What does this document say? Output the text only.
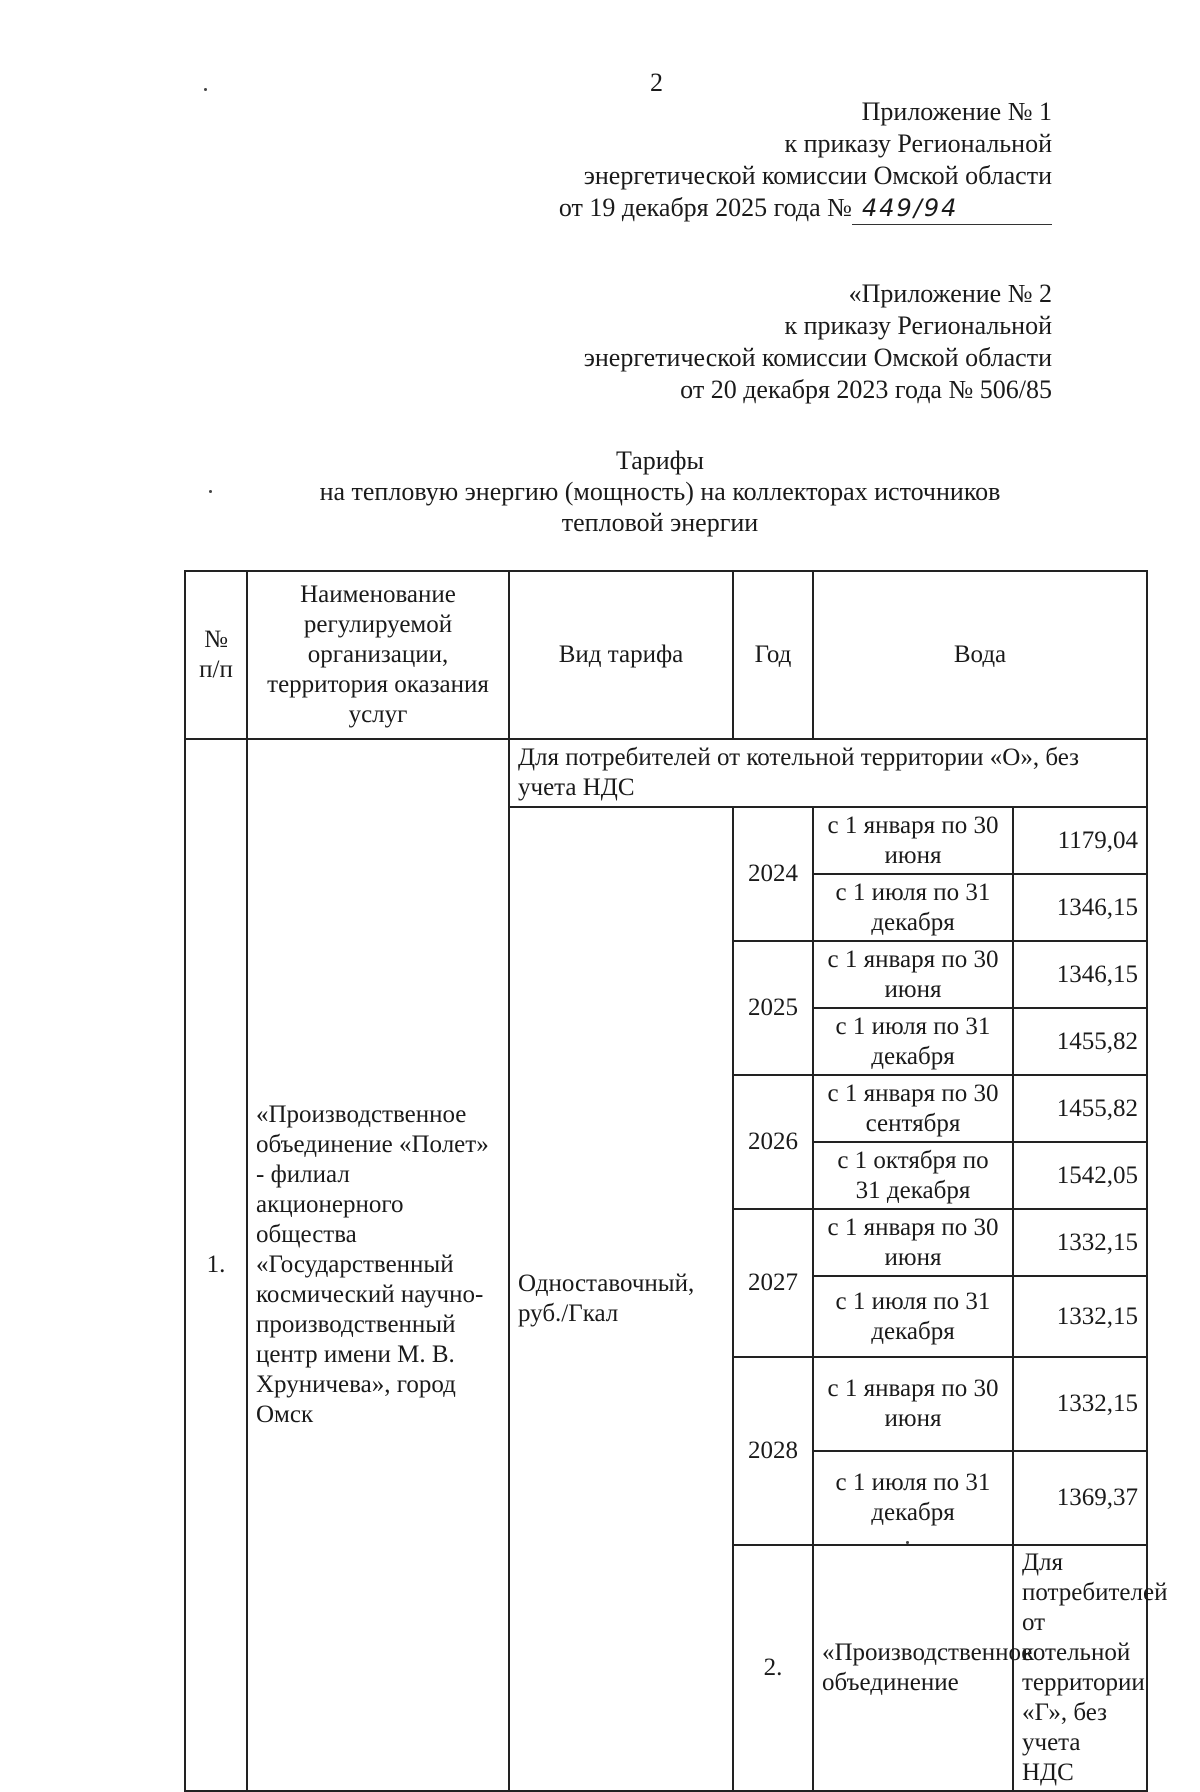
2
Приложение № 1
к приказу Региональной
энергетической комиссии Омской области
от 19 декабря 2025 года № 449/94
«Приложение № 2
к приказу Региональной
энергетической комиссии Омской области
от 20 декабря 2023 года № 506/85
Тарифы
на тепловую энергию (мощность) на коллекторах источников
тепловой энергии
№ п/п	Наименование регулируемой организации, территория оказания услуг	Вид тарифа	Год	Вода	
1.	«Производственное объединение «Полет» - филиал акционерного общества «Государственный космический научно-производственный центр имени М. В. Хруничева», город Омск	Для потребителей от котельной территории «О», без учета НДС			
		Одноставочный, руб./Гкал	2024	с 1 января по 30 июня	1179,04
				с 1 июля по 31 декабря	1346,15
			2025	с 1 января по 30 июня	1346,15
				с 1 июля по 31 декабря	1455,82
			2026	с 1 января по 30 сентября	1455,82
				с 1 октября по 31 декабря	1542,05
			2027	с 1 января по 30 июня	1332,15
				с 1 июля по 31 декабря	1332,15
			2028	с 1 января по 30 июня	1332,15
				с 1 июля по 31 декабря	1369,37
			2.	«Производственное объединение	Для потребителей от котельной территории «Г», без учета НДС
